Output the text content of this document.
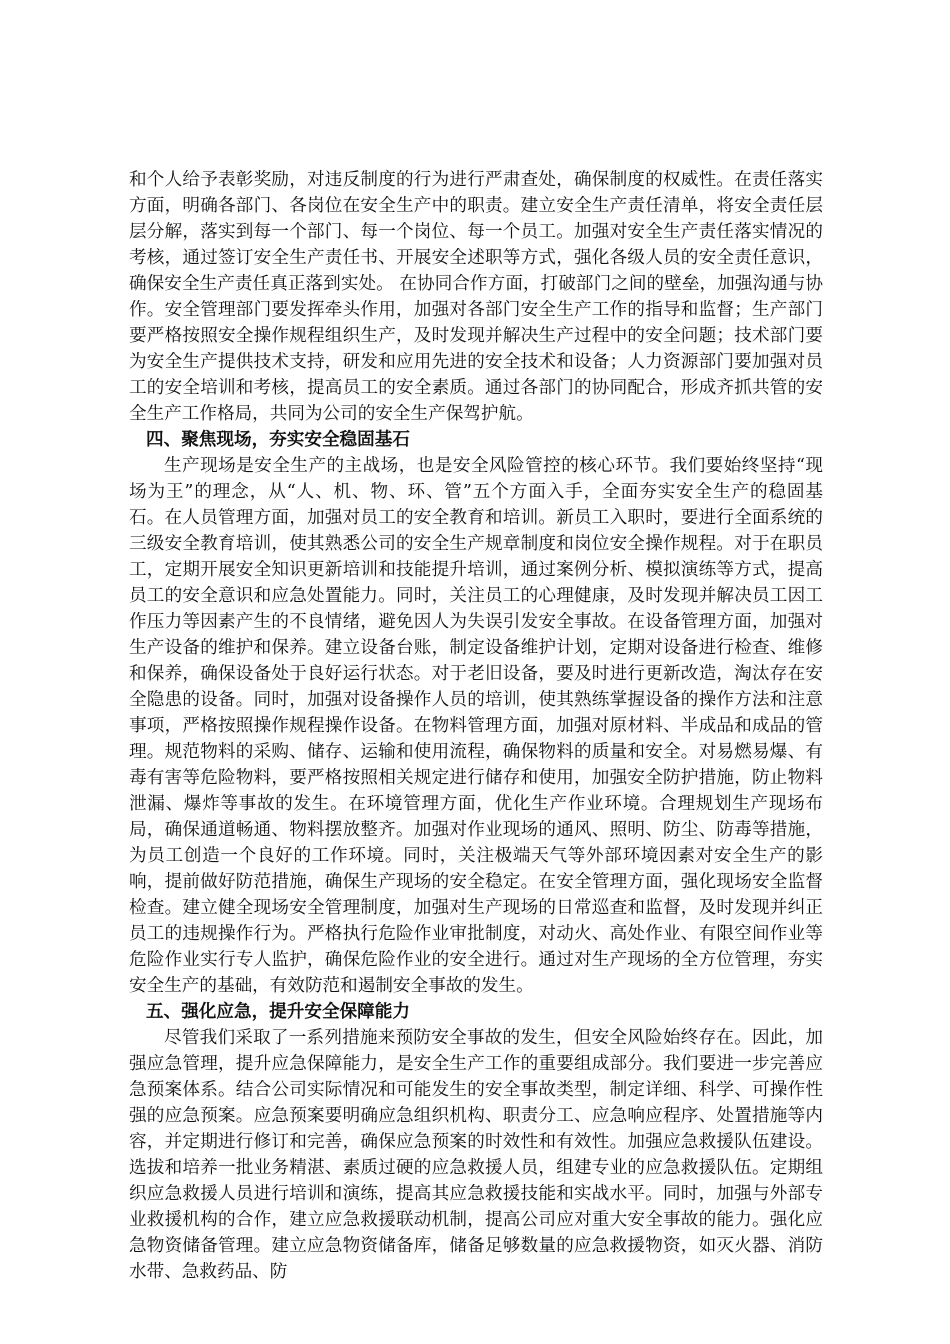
和个人给予表彰奖励，对违反制度的行为进行严肃查处，确保制度的权威性。在责任落实方面，明确各部门、各岗位在安全生产中的职责。建立安全生产责任清单，将安全责任层层分解，落实到每一个部门、每一个岗位、每一个员工。加强对安全生产责任落实情况的考核，通过签订安全生产责任书、开展安全述职等方式，强化各级人员的安全责任意识，确保安全生产责任真正落到实处。 在协同合作方面，打破部门之间的壁垒，加强沟通与协作。安全管理部门要发挥牵头作用，加强对各部门安全生产工作的指导和监督；生产部门要严格按照安全操作规程组织生产，及时发现并解决生产过程中的安全问题；技术部门要为安全生产提供技术支持，研发和应用先进的安全技术和设备；人力资源部门要加强对员工的安全培训和考核，提高员工的安全素质。通过各部门的协同配合，形成齐抓共管的安全生产工作格局，共同为公司的安全生产保驾护航。

四、聚焦现场，夯实安全稳固基石

生产现场是安全生产的主战场，也是安全风险管控的核心环节。我们要始终坚持“现场为王”的理念，从“人、机、物、环、管”五个方面入手，全面夯实安全生产的稳固基石。在人员管理方面，加强对员工的安全教育和培训。新员工入职时，要进行全面系统的三级安全教育培训，使其熟悉公司的安全生产规章制度和岗位安全操作规程。对于在职员工，定期开展安全知识更新培训和技能提升培训，通过案例分析、模拟演练等方式，提高员工的安全意识和应急处置能力。同时，关注员工的心理健康，及时发现并解决员工因工作压力等因素产生的不良情绪，避免因人为失误引发安全事故。在设备管理方面，加强对生产设备的维护和保养。建立设备台账，制定设备维护计划，定期对设备进行检查、维修和保养，确保设备处于良好运行状态。对于老旧设备，要及时进行更新改造，淘汰存在安全隐患的设备。同时，加强对设备操作人员的培训，使其熟练掌握设备的操作方法和注意事项，严格按照操作规程操作设备。在物料管理方面，加强对原材料、半成品和成品的管理。规范物料的采购、储存、运输和使用流程，确保物料的质量和安全。对易燃易爆、有毒有害等危险物料，要严格按照相关规定进行储存和使用，加强安全防护措施，防止物料泄漏、爆炸等事故的发生。在环境管理方面，优化生产作业环境。合理规划生产现场布局，确保通道畅通、物料摆放整齐。加强对作业现场的通风、照明、防尘、防毒等措施，为员工创造一个良好的工作环境。同时，关注极端天气等外部环境因素对安全生产的影响，提前做好防范措施，确保生产现场的安全稳定。在安全管理方面，强化现场安全监督检查。建立健全现场安全管理制度，加强对生产现场的日常巡查和监督，及时发现并纠正员工的违规操作行为。严格执行危险作业审批制度，对动火、高处作业、有限空间作业等危险作业实行专人监护，确保危险作业的安全进行。通过对生产现场的全方位管理，夯实安全生产的基础，有效防范和遏制安全事故的发生。

五、强化应急，提升安全保障能力

尽管我们采取了一系列措施来预防安全事故的发生，但安全风险始终存在。因此，加强应急管理，提升应急保障能力，是安全生产工作的重要组成部分。我们要进一步完善应急预案体系。结合公司实际情况和可能发生的安全事故类型，制定详细、科学、可操作性强的应急预案。应急预案要明确应急组织机构、职责分工、应急响应程序、处置措施等内容，并定期进行修订和完善，确保应急预案的时效性和有效性。加强应急救援队伍建设。选拔和培养一批业务精湛、素质过硬的应急救援人员，组建专业的应急救援队伍。定期组织应急救援人员进行培训和演练，提高其应急救援技能和实战水平。同时，加强与外部专业救援机构的合作，建立应急救援联动机制，提高公司应对重大安全事故的能力。强化应急物资储备管理。建立应急物资储备库，储备足够数量的应急救援物资，如灭火器、消防水带、急救药品、防
